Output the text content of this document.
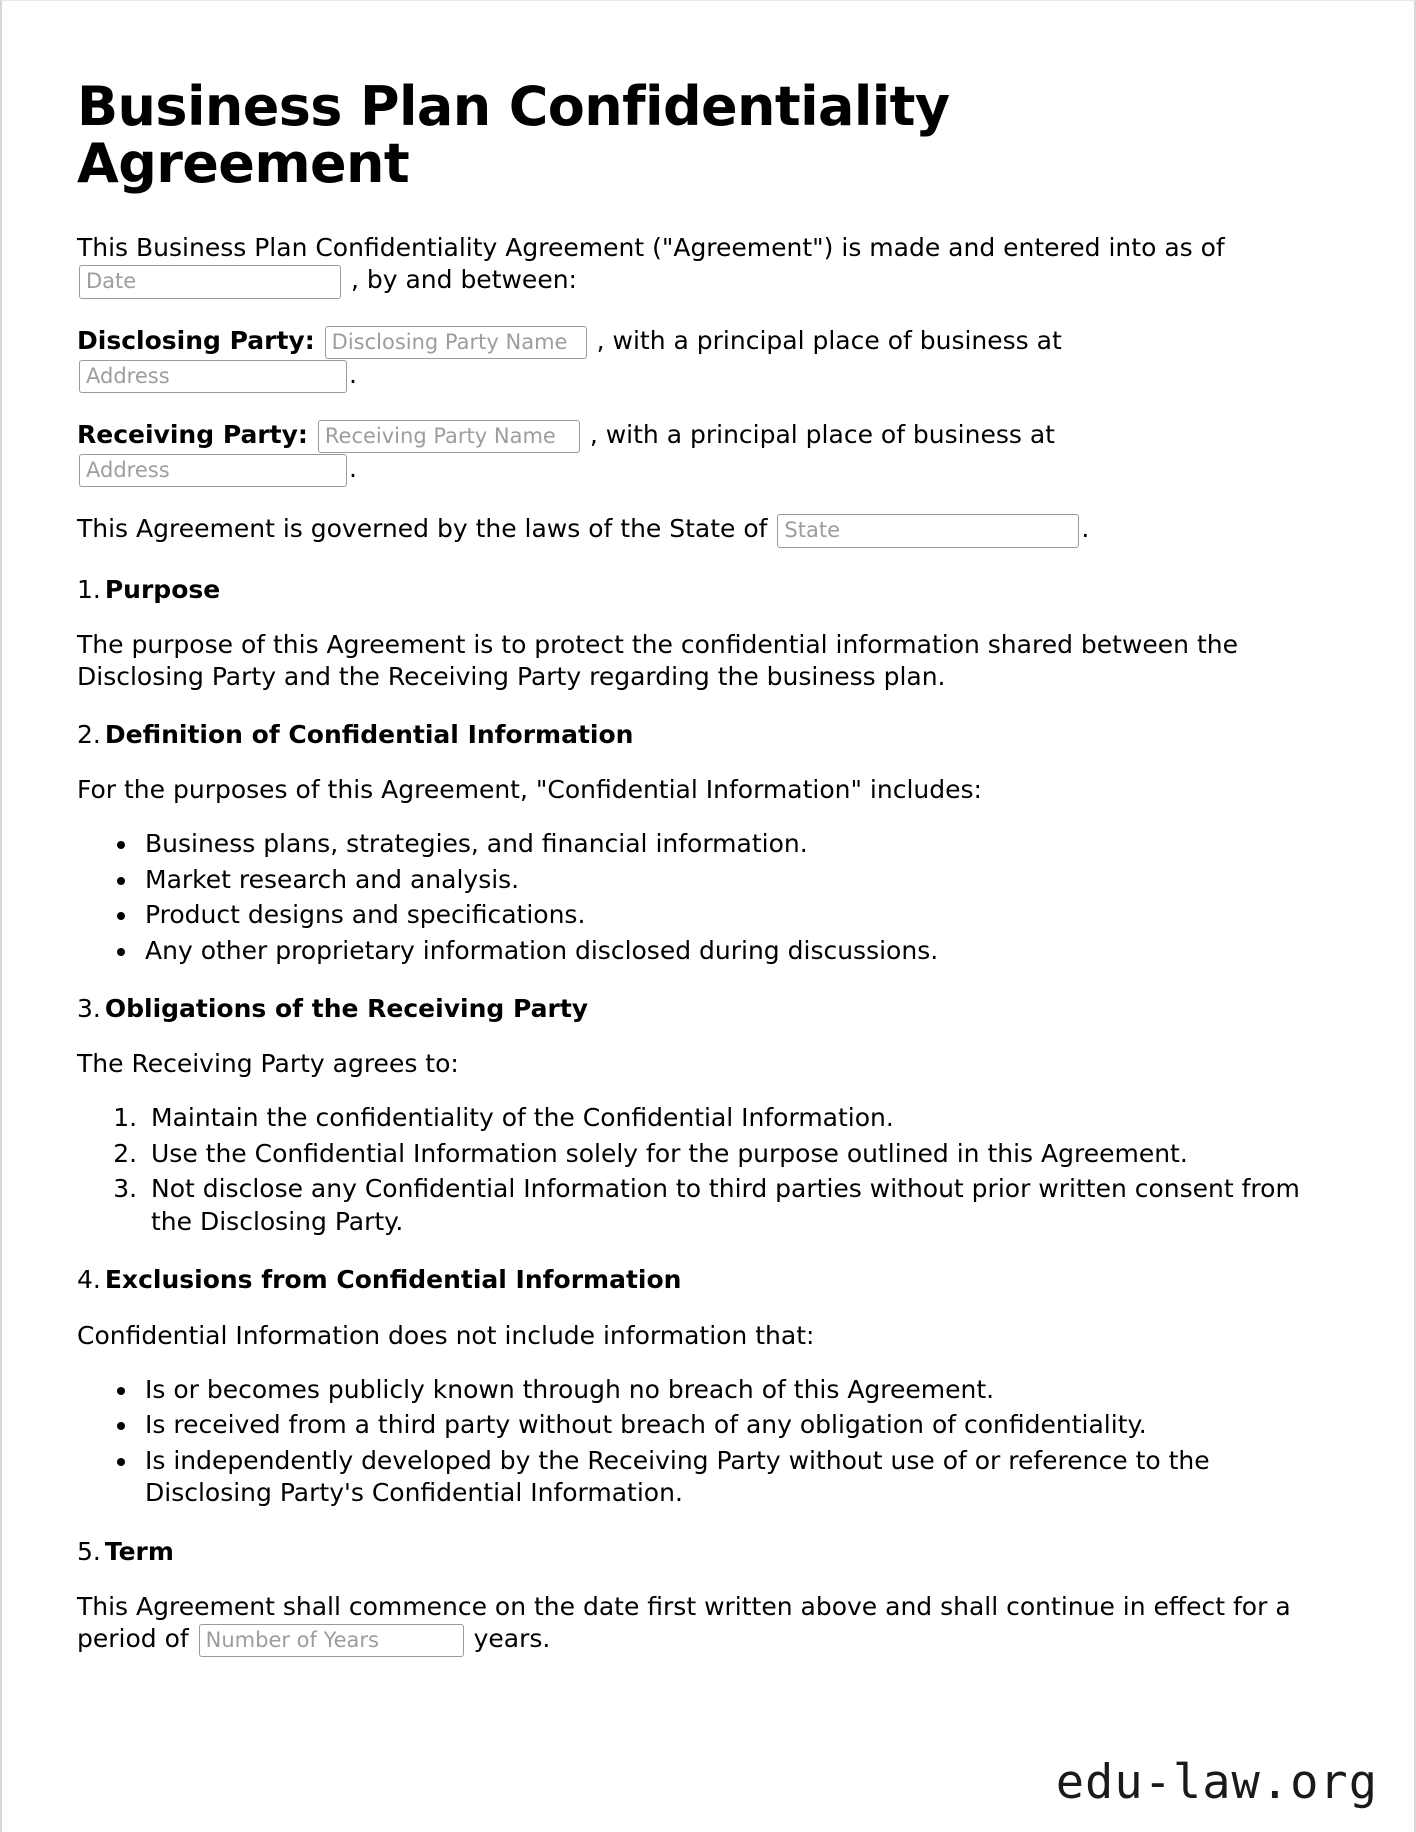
Business Plan Confidentiality Agreement

This Business Plan Confidentiality Agreement ("Agreement") is made and entered into as of Date , by and between:

Disclosing Party: Disclosing Party Name	, with a principal place of business at Address.

Receiving Party: Receiving Party Name	, with a principal place of business at Address.

This Agreement is governed by the laws of the State of State	.

1. Purpose

The purpose of this Agreement is to protect the confidential information shared between the Disclosing Party and the Receiving Party regarding the business plan.

2. Definition of Confidential Information

For the purposes of this Agreement, "Confidential Information" includes:

• Business plans, strategies, and financial information.
• Market research and analysis.
• Product designs and specifications.
• Any other proprietary information disclosed during discussions.
3. Obligations of the Receiving Party

The Receiving Party agrees to:

1. Maintain the confidentiality of the Confidential Information.
2. Use the Confidential Information solely for the purpose outlined in this Agreement.
3. Not disclose any Confidential Information to third parties without prior written consent from the Disclosing Party.
4. Exclusions from Confidential Information

Confidential Information does not include information that:

• Is or becomes publicly known through no breach of this Agreement.
• Is received from a third party without breach of any obligation of confidentiality.
• Is independently developed by the Receiving Party without use of or reference to the Disclosing Party's Confidential Information.
5. Term

This Agreement shall commence on the date first written above and shall continue in effect for a period of Number of Years	years.

edu-law.org
